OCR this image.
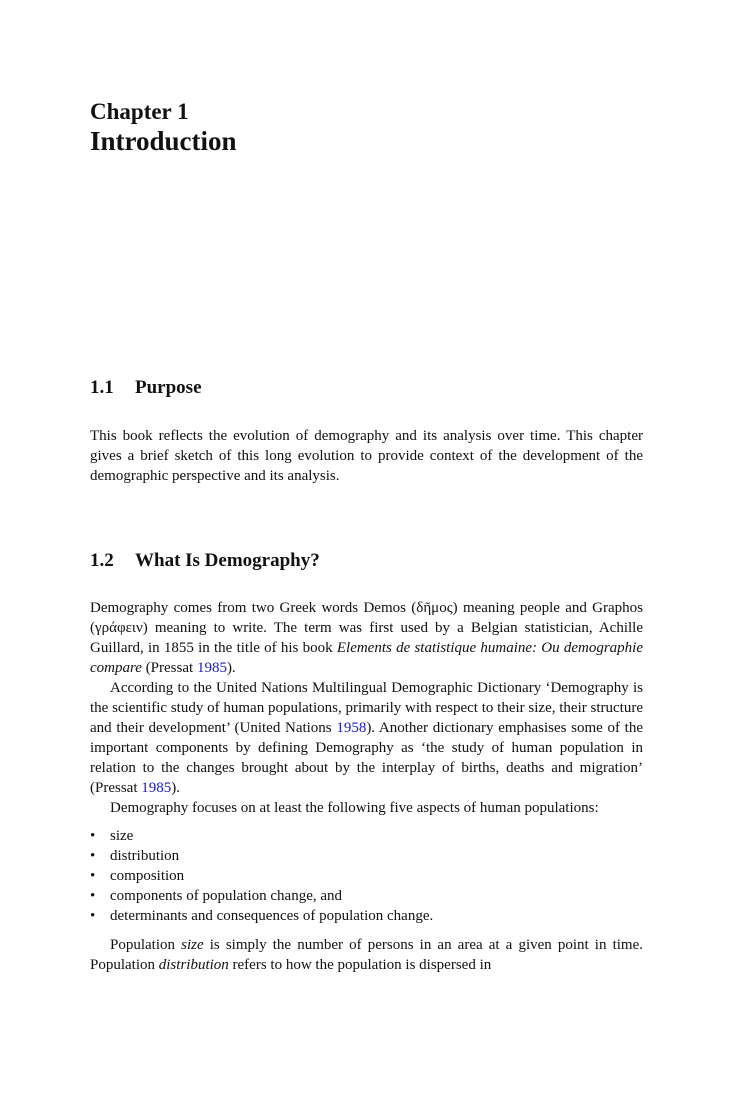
Chapter 1
Introduction
1.1 Purpose

This book reflects the evolution of demography and its analysis over time. This chapter gives a brief sketch of this long evolution to provide context of the development of the demographic perspective and its analysis.

1.2 What Is Demography?

Demography comes from two Greek words Demos (δῆμος) meaning people and Graphos (γράφειν) meaning to write. The term was first used by a Belgian statistician, Achille Guillard, in 1855 in the title of his book Elements de statistique humaine: Ou demographie compare (Pressat 1985).

According to the United Nations Multilingual Demographic Dictionary ‘Demography is the scientific study of human populations, primarily with respect to their size, their structure and their development’ (United Nations 1958). Another dictionary emphasises some of the important components by defining Demography as ‘the study of human population in relation to the changes brought about by the interplay of births, deaths and migration’ (Pressat 1985).

Demography focuses on at least the following five aspects of human populations:

• size
• distribution
• composition
• components of population change, and
• determinants and consequences of population change.

Population size is simply the number of persons in an area at a given point in time. Population distribution refers to how the population is dispersed in
